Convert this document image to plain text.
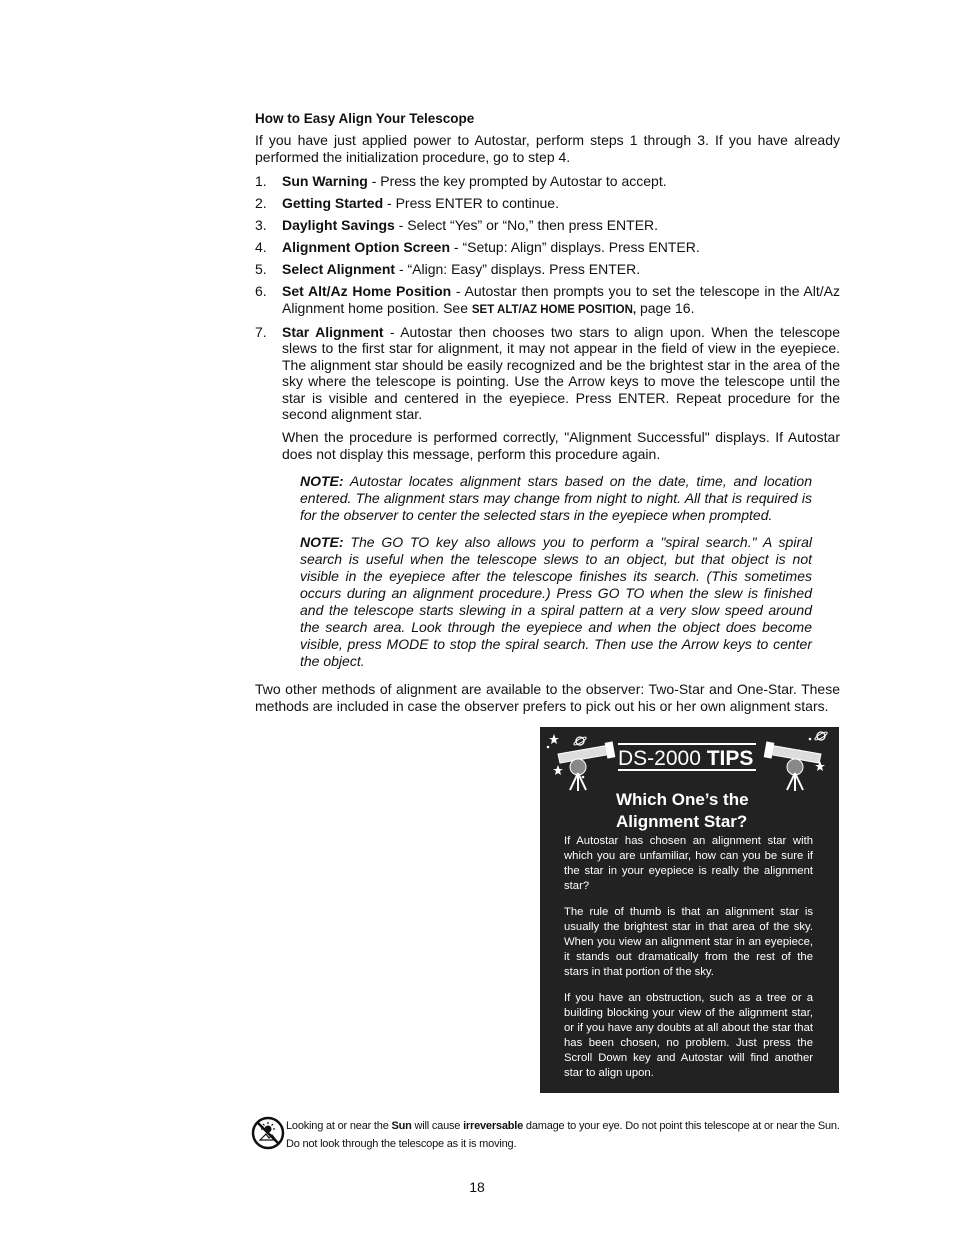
How to Easy Align Your Telescope

If you have just applied power to Autostar, perform steps 1 through 3. If you have already performed the initialization procedure, go to step 4.

1.	Sun Warning - Press the key prompted by Autostar to accept.
2.	Getting Started - Press ENTER to continue.
3.	Daylight Savings - Select “Yes” or “No,” then press ENTER.
4.	Alignment Option Screen - “Setup: Align” displays. Press ENTER.
5.	Select Alignment - “Align: Easy” displays. Press ENTER.
6.	Set Alt/Az Home Position - Autostar then prompts you to set the telescope in the Alt/Az Alignment home position. See SET ALT/AZ HOME POSITION, page 16.
7.	Star Alignment - Autostar then chooses two stars to align upon. When the telescope slews to the first star for alignment, it may not appear in the field of view in the eyepiece. The alignment star should be easily recognized and be the brightest star in the area of the sky where the telescope is pointing. Use the Arrow keys to move the telescope until the star is visible and centered in the eyepiece. Press ENTER. Repeat procedure for the second alignment star.

When the procedure is performed correctly, "Alignment Successful" displays. If Autostar does not display this message, perform this procedure again.

NOTE: Autostar locates alignment stars based on the date, time, and location entered. The alignment stars may change from night to night. All that is required is for the observer to center the selected stars in the eyepiece when prompted.

NOTE: The GO TO key also allows you to perform a "spiral search." A spiral search is useful when the telescope slews to an object, but that object is not visible in the eyepiece after the telescope finishes its search. (This sometimes occurs during an alignment procedure.) Press GO TO when the slew is finished and the telescope starts slewing in a spiral pattern at a very slow speed around the search area. Look through the eyepiece and when the object does become visible, press MODE to stop the spiral search. Then use the Arrow keys to center the object.

Two other methods of alignment are available to the observer: Two-Star and One-Star. These methods are included in case the observer prefers to pick out his or her own alignment stars.

DS-2000 TIPS
Which One’s the Alignment Star?

If Autostar has chosen an alignment star with which you are unfamiliar, how can you be sure if the star in your eyepiece is really the alignment star?

The rule of thumb is that an alignment star is usually the brightest star in that area of the sky. When you view an alignment star in an eyepiece, it stands out dramatically from the rest of the stars in that portion of the sky.

If you have an obstruction, such as a tree or a building blocking your view of the alignment star, or if you have any doubts at all about the star that has been chosen, no problem. Just press the Scroll Down key and Autostar will find another star to align upon.

Looking at or near the Sun will cause irreversable damage to your eye. Do not point this telescope at or near the Sun. Do not look through the telescope as it is moving.
18
